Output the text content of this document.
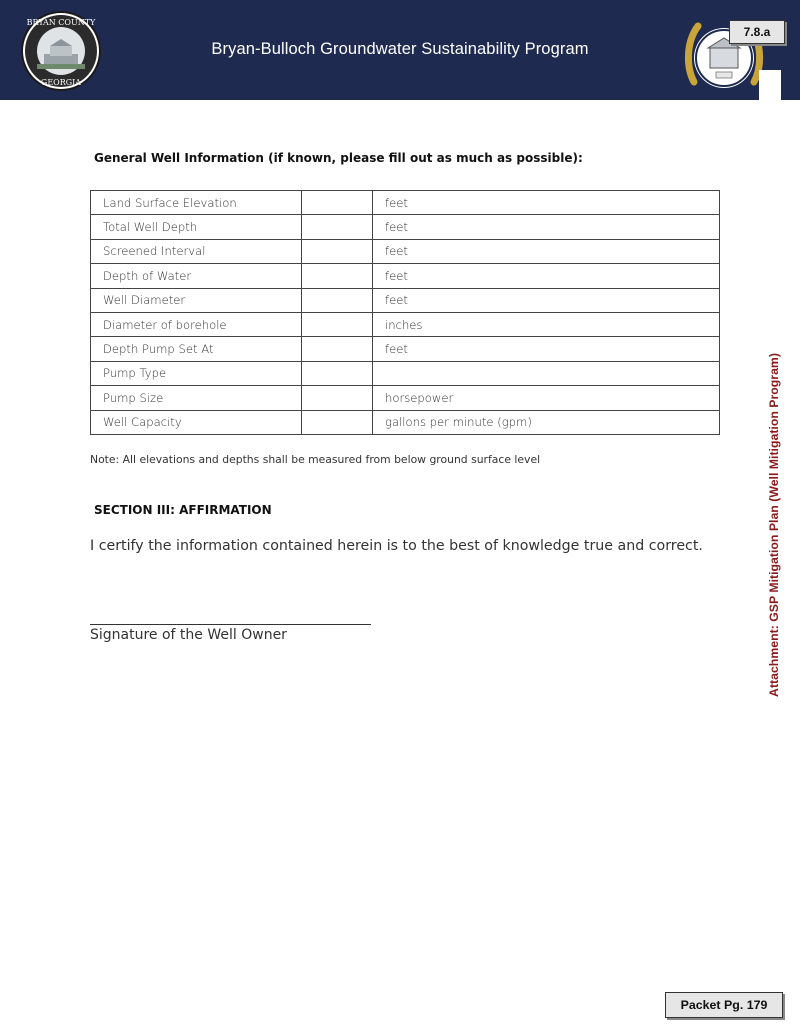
BRYAN COUNTY
GEORGIA
Bryan-Bulloch Groundwater Sustainability Program
7.8.a
General Well Information (if known, please fill out as much as possible):
Land Surface Elevation		feet
Total Well Depth		feet
Screened Interval		feet
Depth of Water		feet
Well Diameter		feet
Diameter of borehole		inches
Depth Pump Set At		feet
Pump Type		
Pump Size		horsepower
Well Capacity		gallons per minute (gpm)
Note: All elevations and depths shall be measured from below ground surface level
SECTION III: AFFIRMATION
I certify the information contained herein is to the best of knowledge true and correct.
Signature of the Well Owner	Attachment: GSP Mitigation Plan (Well Mitigation Program)
Packet Pg. 179
